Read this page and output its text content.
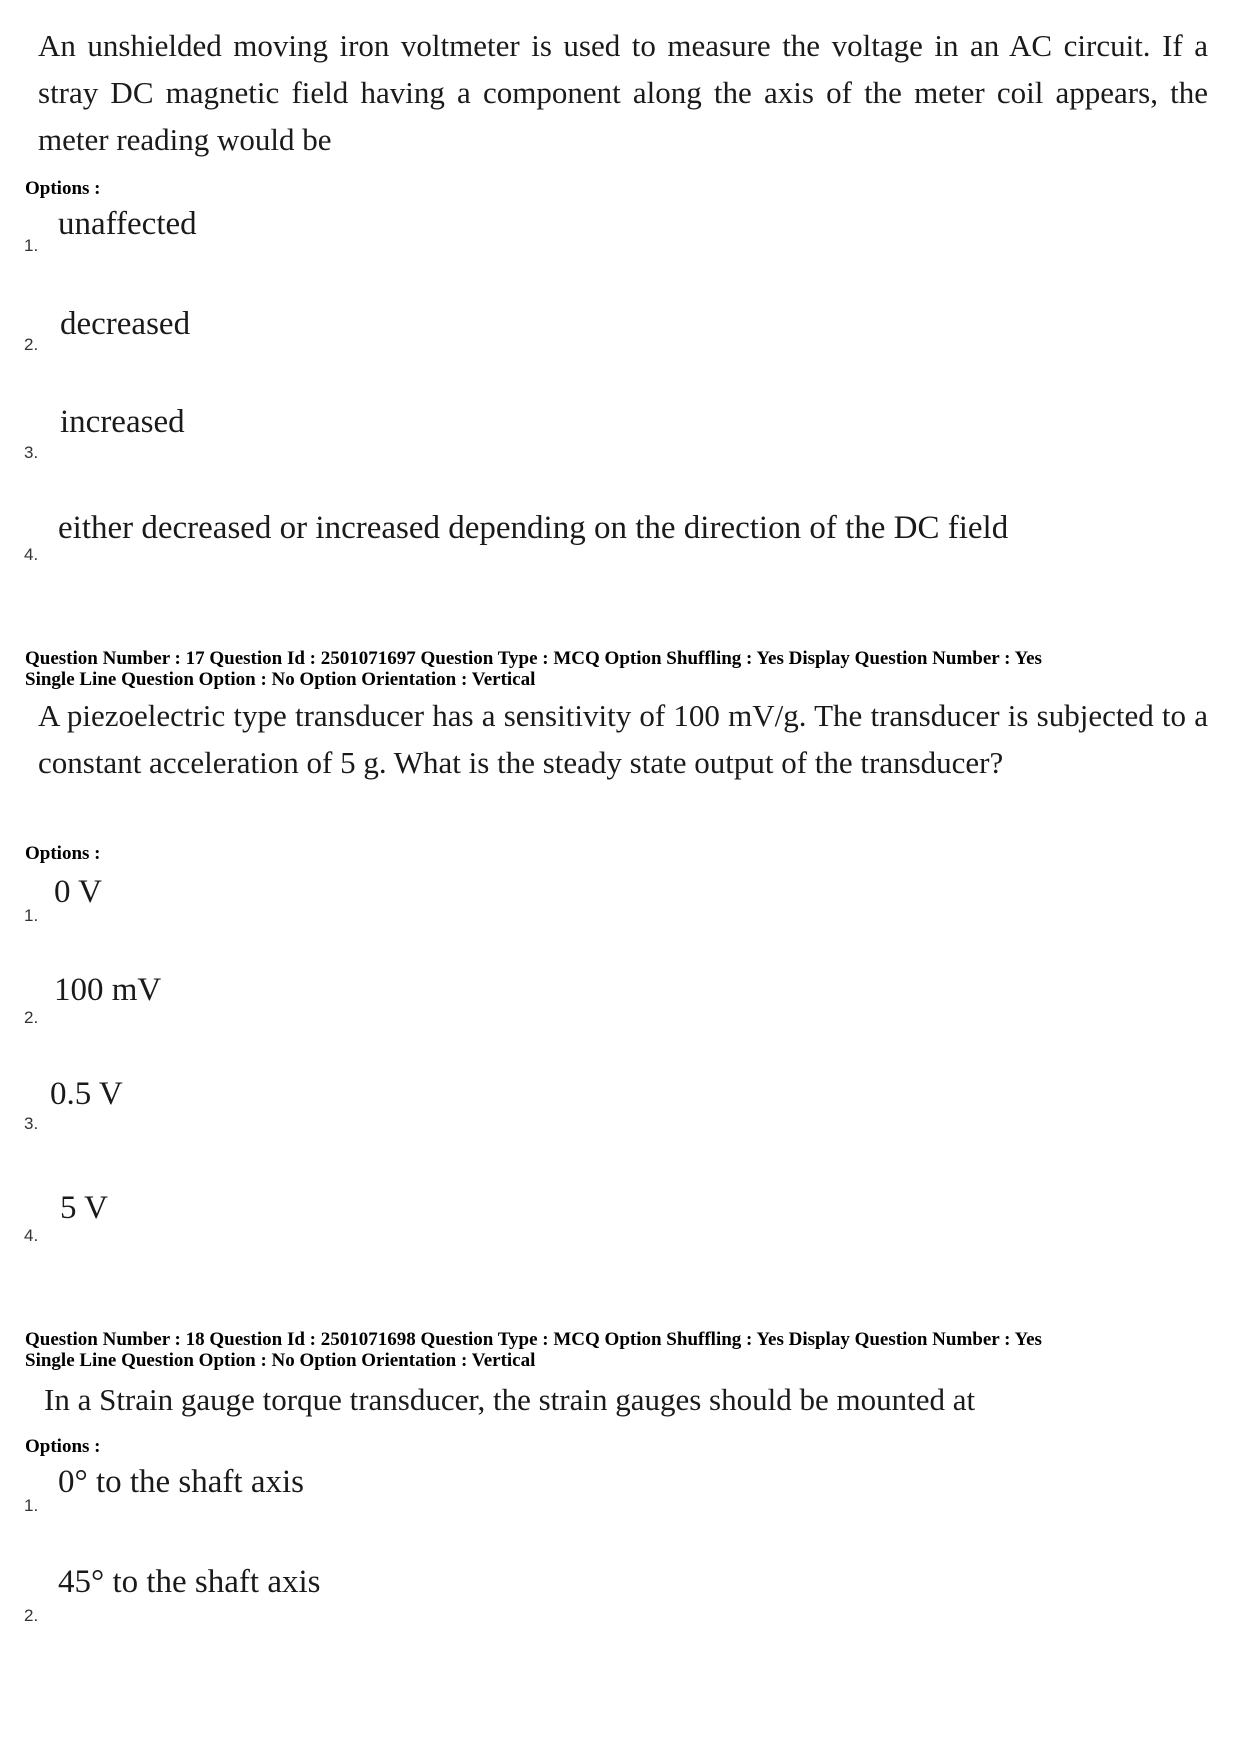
An unshielded moving iron voltmeter is used to measure the voltage in an AC circuit. If a stray DC magnetic field having a component along the axis of the meter coil appears, the meter reading would be
Options :
unaffected
1.
decreased
2.
increased
3.
either decreased or increased depending on the direction of the DC field
4.
Question Number : 17 Question Id : 2501071697 Question Type : MCQ Option Shuffling : Yes Display Question Number : Yes
Single Line Question Option : No Option Orientation : Vertical
A piezoelectric type transducer has a sensitivity of 100 mV/g. The transducer is subjected to a constant acceleration of 5 g. What is the steady state output of the transducer?
Options :
0 V
1.
100 mV
2.
0.5 V
3.
5 V
4.
Question Number : 18 Question Id : 2501071698 Question Type : MCQ Option Shuffling : Yes Display Question Number : Yes
Single Line Question Option : No Option Orientation : Vertical
In a Strain gauge torque transducer, the strain gauges should be mounted at
Options :
0° to the shaft axis
1.
45° to the shaft axis
2.
